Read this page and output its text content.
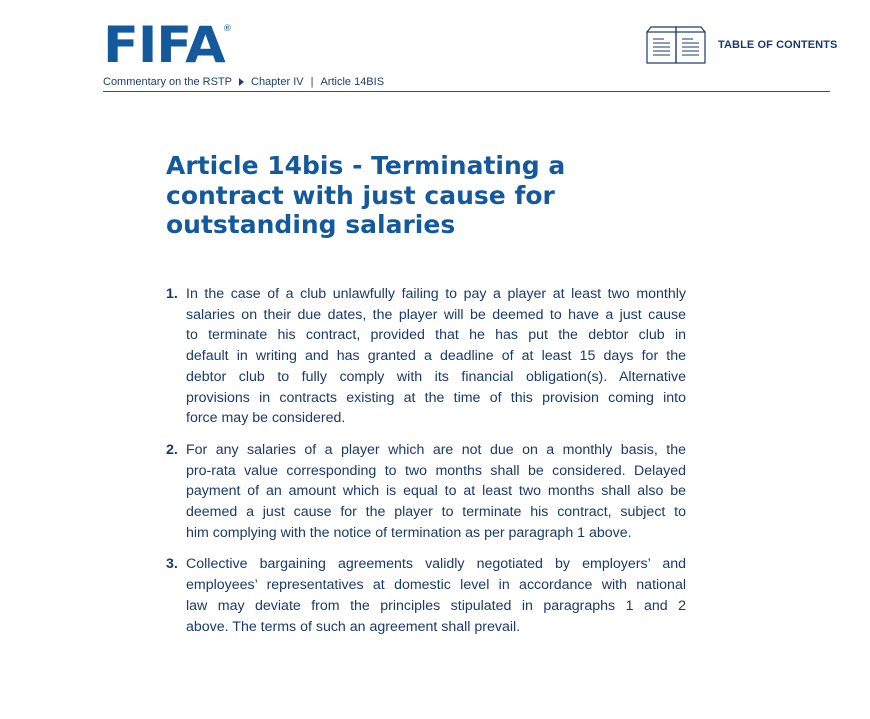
FIFA
®
TABLE OF CONTENTS
Commentary on the RSTP Chapter IV | Article 14BIS
Article 14bis - Terminating a
contract with just cause for
outstanding salaries
1. In the case of a club unlawfully failing to pay a player at least two monthly
salaries on their due dates, the player will be deemed to have a just cause
to terminate his contract, provided that he has put the debtor club in
default in writing and has granted a deadline of at least 15 days for the
debtor club to fully comply with its financial obligation(s). Alternative
provisions in contracts existing at the time of this provision coming into
force may be considered.
2. For any salaries of a player which are not due on a monthly basis, the
pro-rata value corresponding to two months shall be considered. Delayed
payment of an amount which is equal to at least two months shall also be
deemed a just cause for the player to terminate his contract, subject to
him complying with the notice of termination as per paragraph 1 above.
3. Collective bargaining agreements validly negotiated by employers’ and
employees’ representatives at domestic level in accordance with national
law may deviate from the principles stipulated in paragraphs 1 and 2
above. The terms of such an agreement shall prevail.
